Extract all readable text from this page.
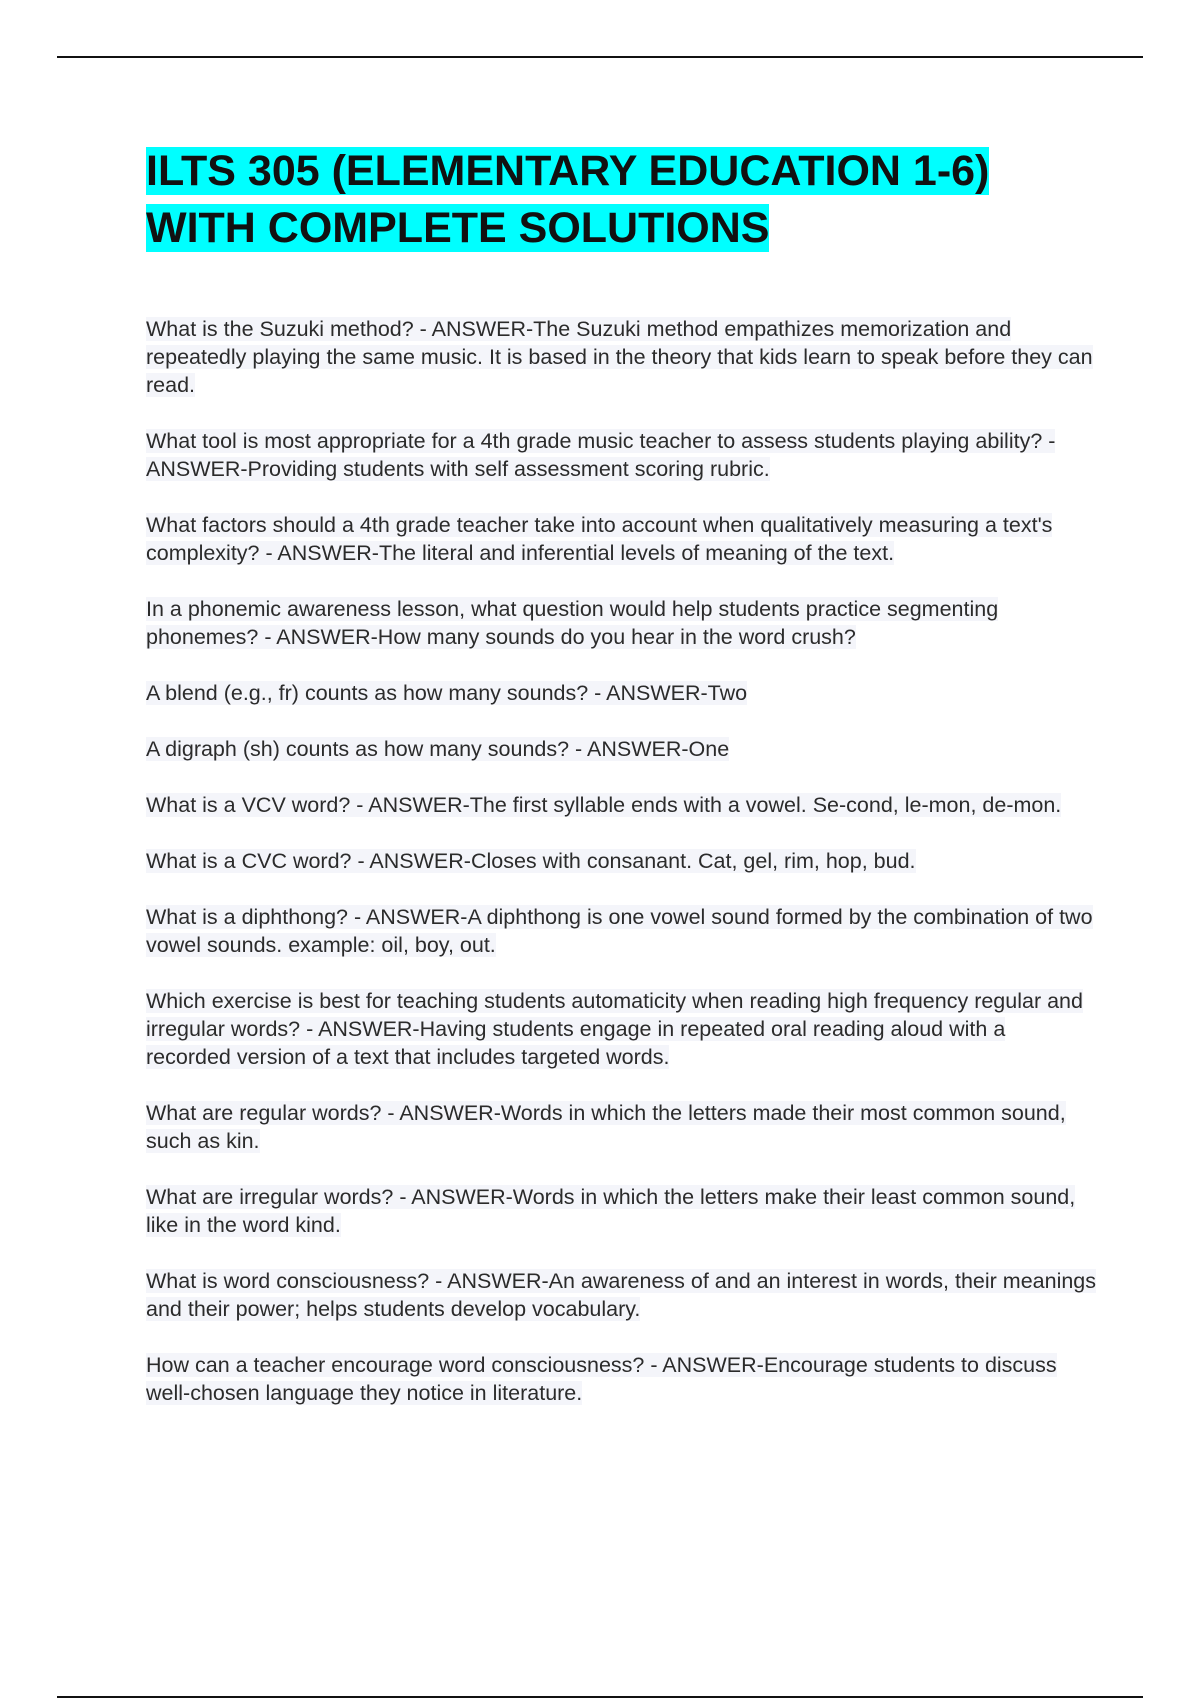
ILTS 305 (ELEMENTARY EDUCATION 1-6) WITH COMPLETE SOLUTIONS

What is the Suzuki method? - ANSWER-The Suzuki method empathizes memorization and repeatedly playing the same music. It is based in the theory that kids learn to speak before they can read.

What tool is most appropriate for a 4th grade music teacher to assess students playing ability? - ANSWER-Providing students with self assessment scoring rubric.

What factors should a 4th grade teacher take into account when qualitatively measuring a text's complexity? - ANSWER-The literal and inferential levels of meaning of the text.

In a phonemic awareness lesson, what question would help students practice segmenting phonemes? - ANSWER-How many sounds do you hear in the word crush?

A blend (e.g., fr) counts as how many sounds? - ANSWER-Two

A digraph (sh) counts as how many sounds? - ANSWER-One

What is a VCV word? - ANSWER-The first syllable ends with a vowel. Se-cond, le-mon, de-mon.

What is a CVC word? - ANSWER-Closes with consanant. Cat, gel, rim, hop, bud.

What is a diphthong? - ANSWER-A diphthong is one vowel sound formed by the combination of two vowel sounds. example: oil, boy, out.

Which exercise is best for teaching students automaticity when reading high frequency regular and irregular words? - ANSWER-Having students engage in repeated oral reading aloud with a recorded version of a text that includes targeted words.

What are regular words? - ANSWER-Words in which the letters made their most common sound, such as kin.

What are irregular words? - ANSWER-Words in which the letters make their least common sound, like in the word kind.

What is word consciousness? - ANSWER-An awareness of and an interest in words, their meanings and their power; helps students develop vocabulary.

How can a teacher encourage word consciousness? - ANSWER-Encourage students to discuss well-chosen language they notice in literature.
